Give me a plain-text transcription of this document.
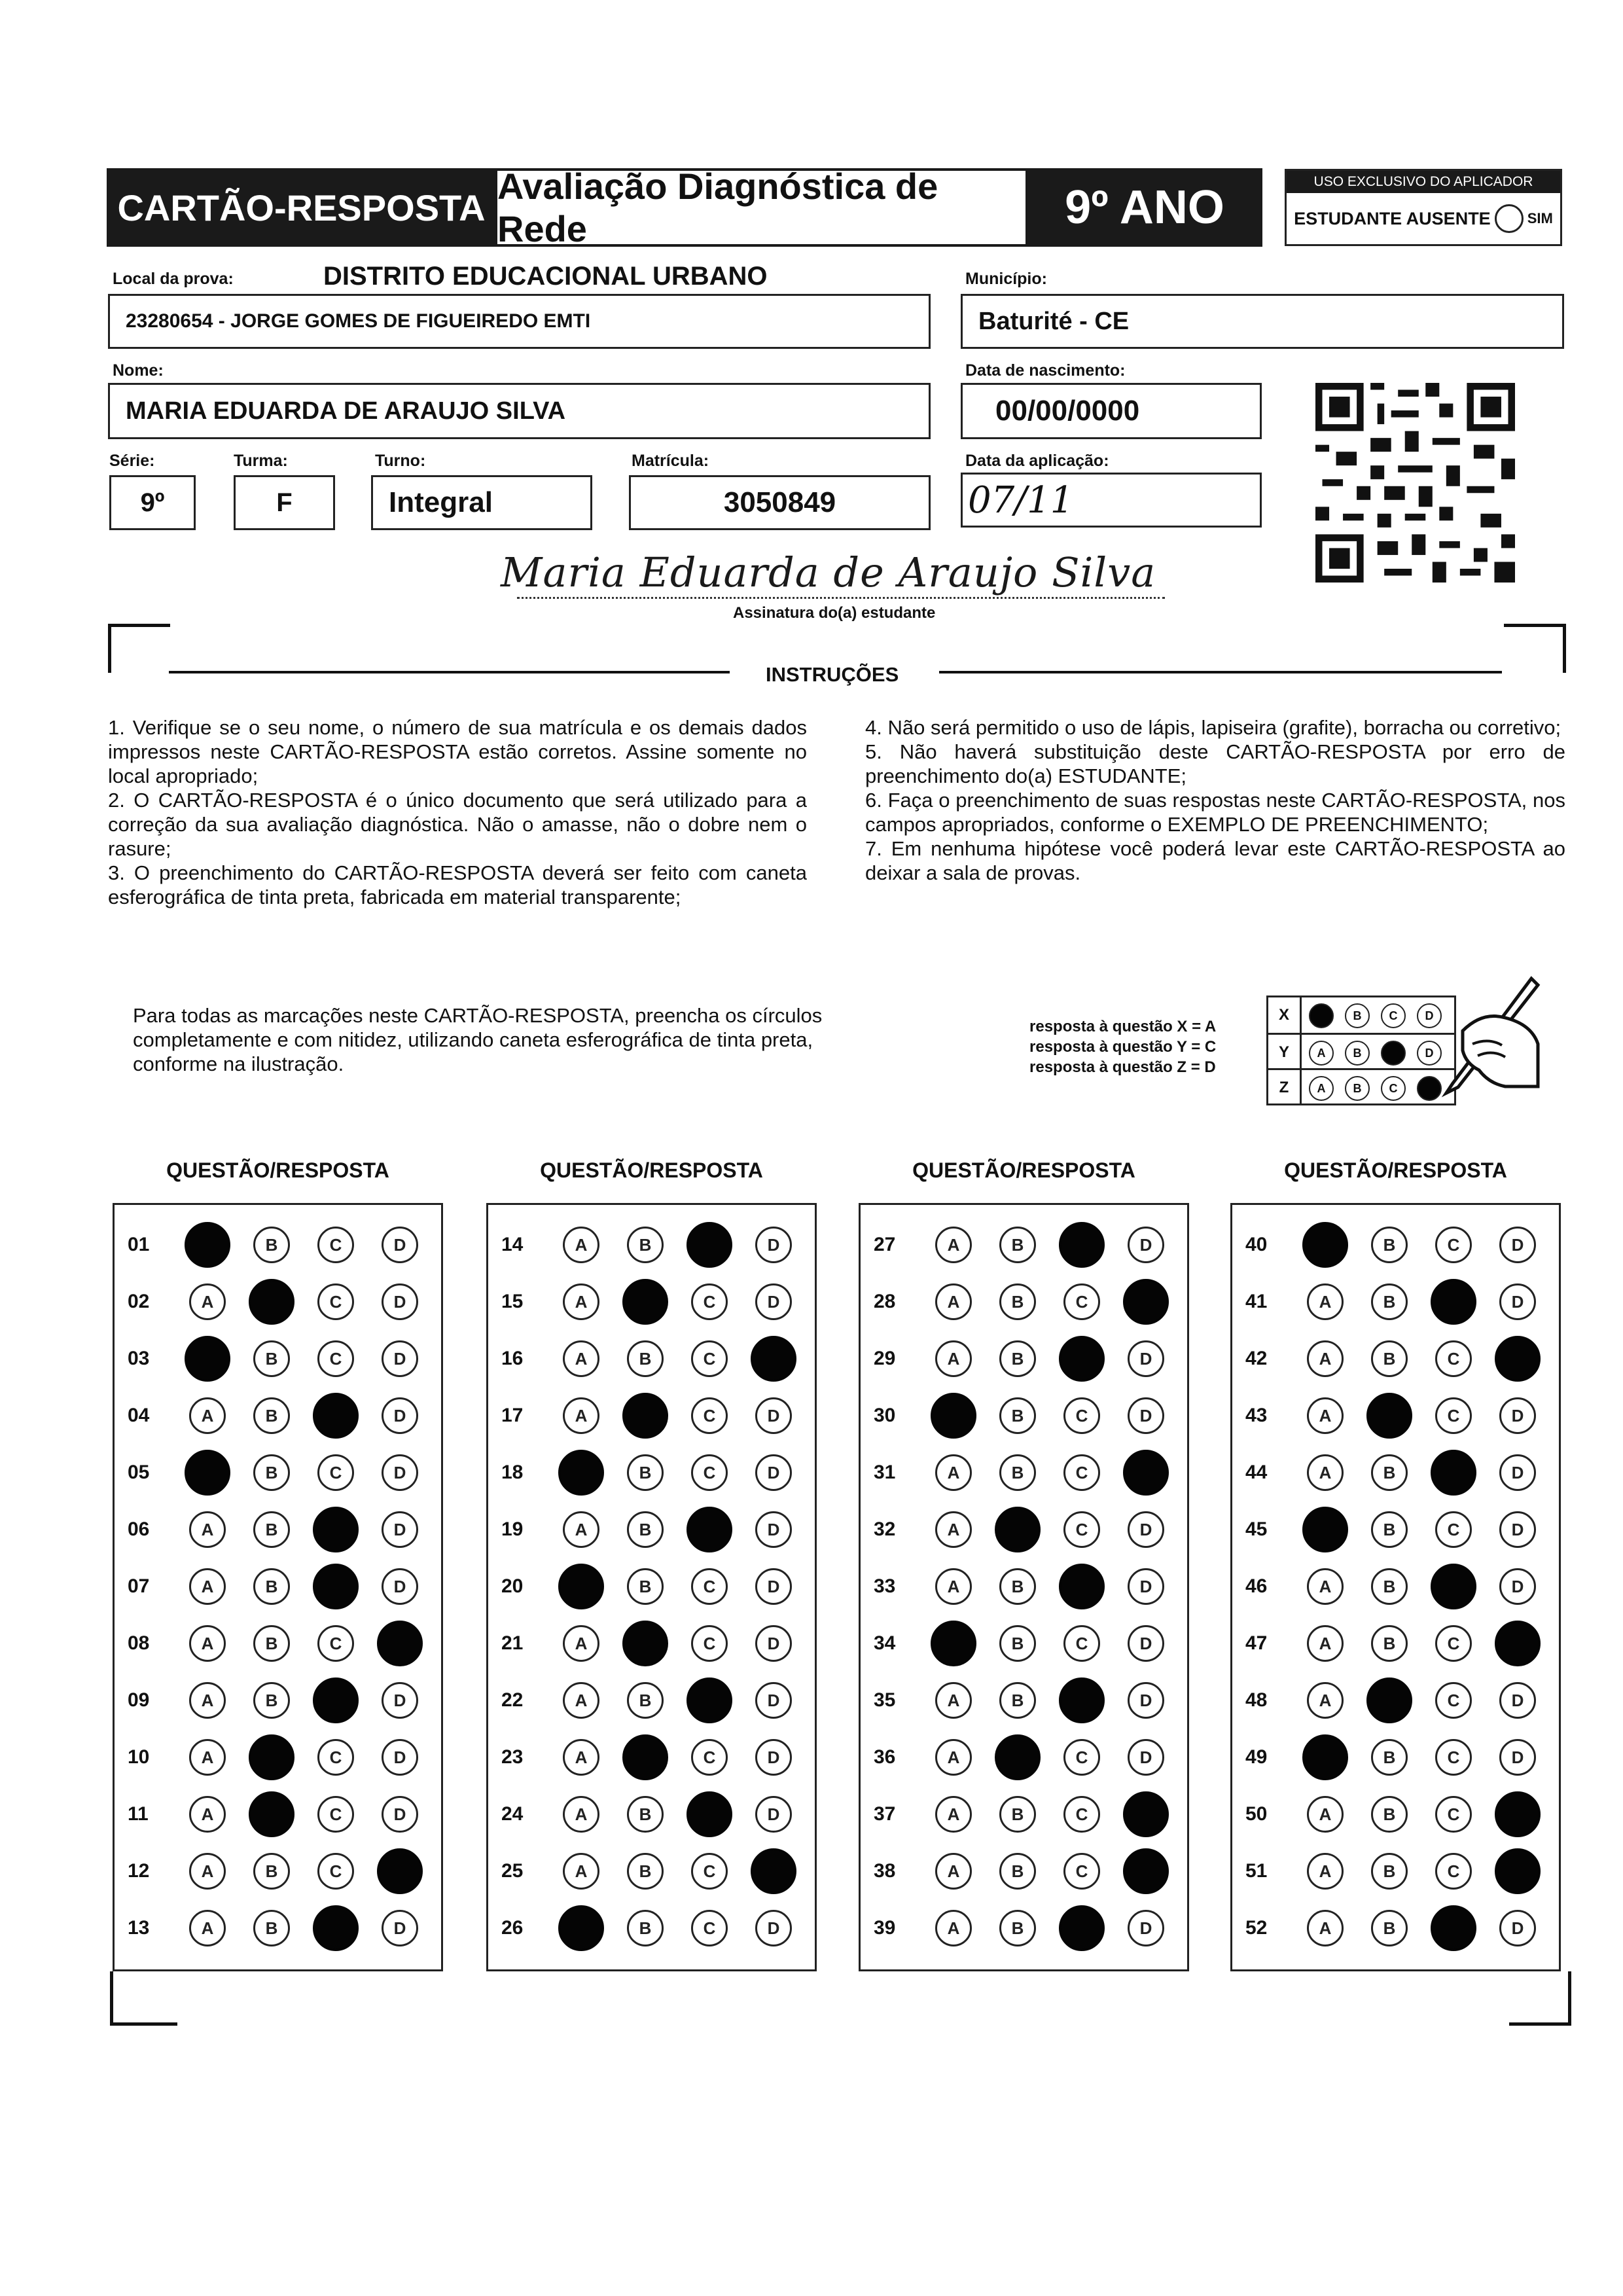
CARTÃO-RESPOSTA
Avaliação Diagnóstica de Rede	9º ANO	USO EXCLUSIVO DO APLICADOR
ESTUDANTE AUSENTE	SIM
Local da prova:	DISTRITO EDUCACIONAL URBANO
23280654 - JORGE GOMES DE FIGUEIREDO EMTI
Município:
Baturité - CE
Nome:
MARIA EDUARDA DE ARAUJO SILVA
Data de nascimento:
00/00/0000
Série:
9º
Turma:
F
Turno:
Integral
Matrícula:
3050849
Data da aplicação:
07/11
Maria Eduarda de Araujo Silva
Assinatura do(a) estudante
INSTRUÇÕES
1. Verifique se o seu nome, o número de sua matrícula e os demais dados impressos neste CARTÃO-RESPOSTA estão corretos. Assine somente no local apropriado;
2. O CARTÃO-RESPOSTA é o único documento que será utilizado para a correção da sua avaliação diagnóstica. Não o amasse, não o dobre nem o rasure;
3. O preenchimento do CARTÃO-RESPOSTA deverá ser feito com caneta esferográfica de tinta preta, fabricada em material transparente;
4. Não será permitido o uso de lápis, lapiseira (grafite), borracha ou corretivo;
5. Não haverá substituição deste CARTÃO-RESPOSTA por erro de preenchimento do(a) ESTUDANTE;
6. Faça o preenchimento de suas respostas neste CARTÃO-RESPOSTA, nos campos apropriados, conforme o EXEMPLO DE PREENCHIMENTO;
7. Em nenhuma hipótese você poderá levar este CARTÃO-RESPOSTA ao deixar a sala de provas.
Para todas as marcações neste CARTÃO-RESPOSTA, preencha os círculos completamente e com nitidez, utilizando caneta esferográfica de tinta preta, conforme na ilustração.
resposta à questão X = A
resposta à questão Y = C
resposta à questão Z = D
X	B	C	D
Y	A	B	D
Z	A	B	C
QUESTÃO/RESPOSTA
01	B	C	D
02	A	C	D
03	B	C	D
04	A	B	D
05	B	C	D
06	A	B	D
07	A	B	D
08	A	B	C
09	A	B	D
10	A	C	D
11	A	C	D
12	A	B	C
13	A	B	D
QUESTÃO/RESPOSTA
14	A	B	D
15	A	C	D
16	A	B	C
17	A	C	D
18	B	C	D
19	A	B	D
20	B	C	D
21	A	C	D
22	A	B	D
23	A	C	D
24	A	B	D
25	A	B	C
26	B	C	D
QUESTÃO/RESPOSTA
27	A	B	D
28	A	B	C
29	A	B	D
30	B	C	D
31	A	B	C
32	A	C	D
33	A	B	D
34	B	C	D
35	A	B	D
36	A	C	D
37	A	B	C
38	A	B	C
39	A	B	D
QUESTÃO/RESPOSTA
40	B	C	D
41	A	B	D
42	A	B	C
43	A	C	D
44	A	B	D
45	B	C	D
46	A	B	D
47	A	B	C
48	A	C	D
49	B	C	D
50	A	B	C
51	A	B	C
52	A	B	D
